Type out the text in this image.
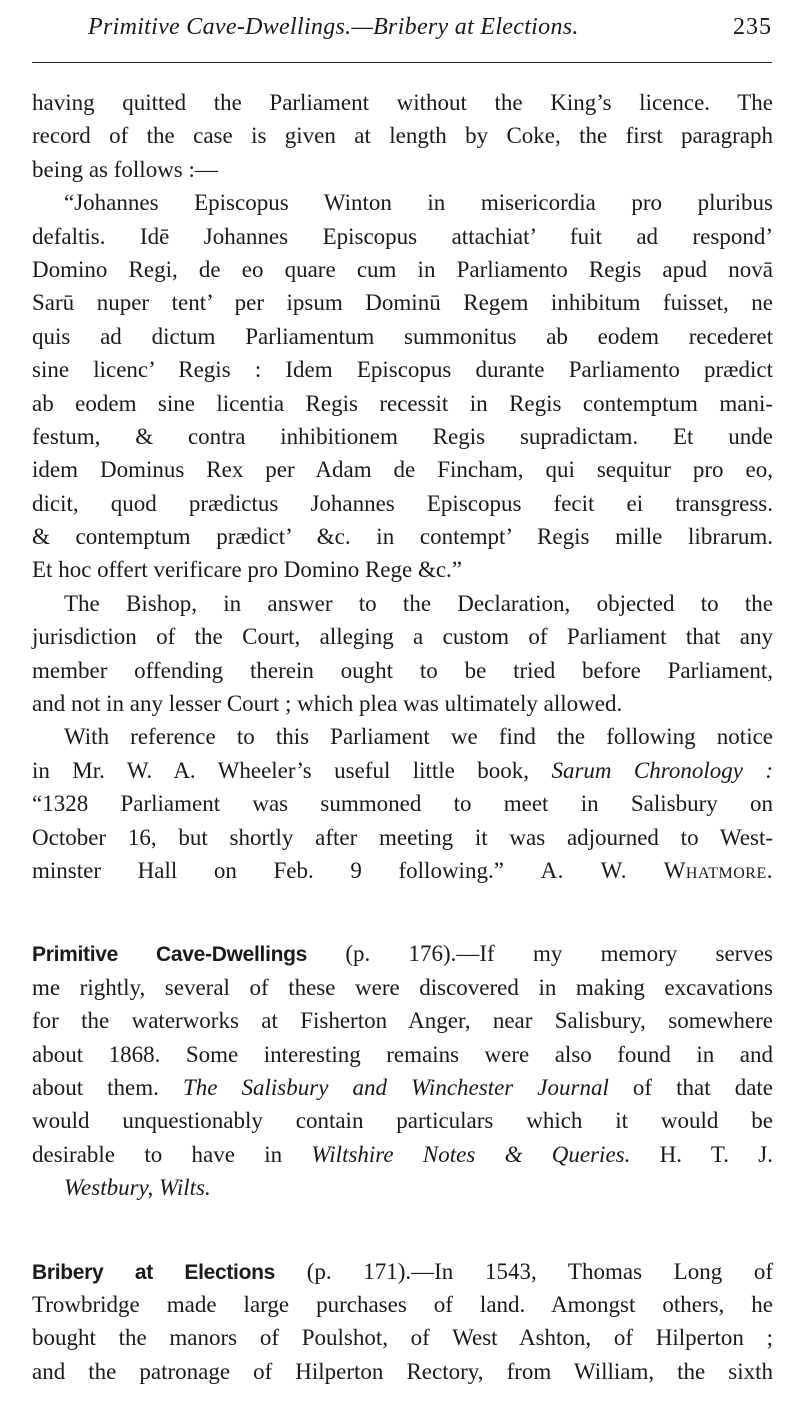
Primitive Cave-Dwellings.—Bribery at Elections.	235
having quitted the Parliament without the King’s licence. The
record of the case is given at length by Coke, the first paragraph
being as follows :—
“Johannes Episcopus Winton in misericordia pro pluribus
defaltis. Idē Johannes Episcopus attachiat’ fuit ad respond’
Domino Regi, de eo quare cum in Parliamento Regis apud novā
Sarū nuper tent’ per ipsum Dominū Regem inhibitum fuisset, ne
quis ad dictum Parliamentum summonitus ab eodem recederet
sine licenc’ Regis : Idem Episcopus durante Parliamento prædict
ab eodem sine licentia Regis recessit in Regis contemptum mani-
festum, & contra inhibitionem Regis supradictam. Et unde
idem Dominus Rex per Adam de Fincham, qui sequitur pro eo,
dicit, quod prædictus Johannes Episcopus fecit ei transgress.
& contemptum prædict’ &c. in contempt’ Regis mille librarum.
Et hoc offert verificare pro Domino Rege &c.”
The Bishop, in answer to the Declaration, objected to the
jurisdiction of the Court, alleging a custom of Parliament that any
member offending therein ought to be tried before Parliament,
and not in any lesser Court ; which plea was ultimately allowed.
With reference to this Parliament we find the following notice
in Mr. W. A. Wheeler’s useful little book, Sarum Chronology :
“1328 Parliament was summoned to meet in Salisbury on
October 16, but shortly after meeting it was adjourned to West-
minster Hall on Feb. 9 following.” A. W. Whatmore.
Primitive Cave-Dwellings (p. 176).—If my memory serves
me rightly, several of these were discovered in making excavations
for the waterworks at Fisherton Anger, near Salisbury, somewhere
about 1868. Some interesting remains were also found in and
about them. The Salisbury and Winchester Journal of that date
would unquestionably contain particulars which it would be
desirable to have in Wiltshire Notes & Queries. H. T. J.
Westbury, Wilts.
Bribery at Elections (p. 171).—In 1543, Thomas Long of
Trowbridge made large purchases of land. Amongst others, he
bought the manors of Poulshot, of West Ashton, of Hilperton ;
and the patronage of Hilperton Rectory, from William, the sixth
